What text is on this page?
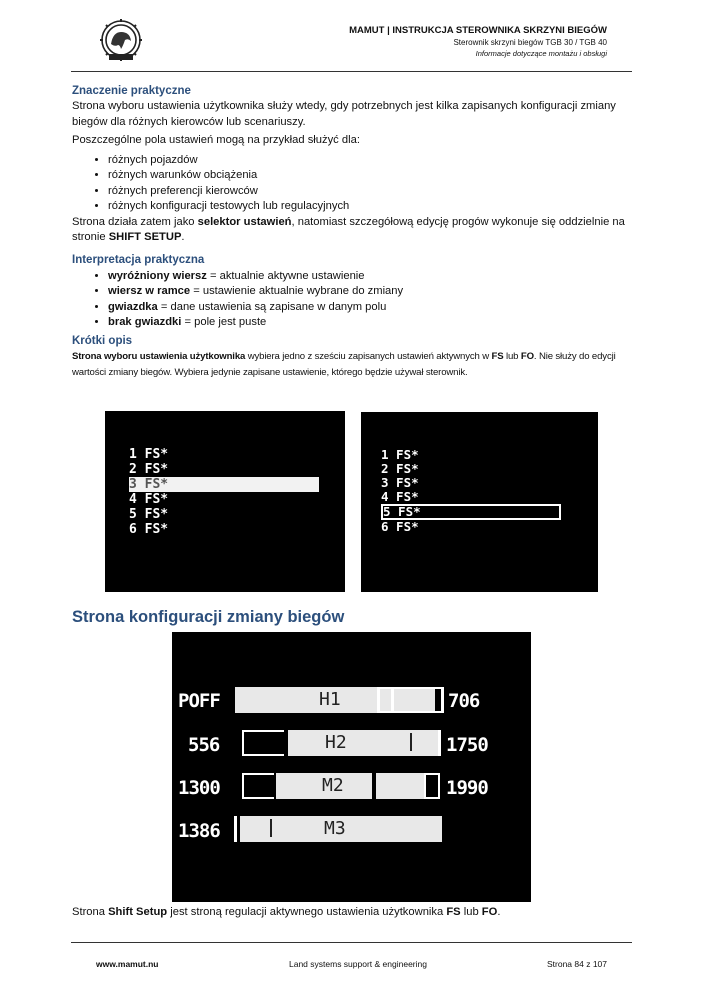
MAMUT | INSTRUKCJA STEROWNIKA SKRZYNI BIEGÓW
Sterownik skrzyni biegów TGB 30 / TGB 40
Informacje dotyczące montażu i obsługi
Znaczenie praktyczne

Strona wyboru ustawienia użytkownika służy wtedy, gdy potrzebnych jest kilka zapisanych konfiguracji zmiany biegów dla różnych kierowców lub scenariuszy.

Poszczególne pola ustawień mogą na przykład służyć dla:

• różnych pojazdów
• różnych warunków obciążenia
• różnych preferencji kierowców
• różnych konfiguracji testowych lub regulacyjnych

Strona działa zatem jako selektor ustawień, natomiast szczegółową edycję progów wykonuje się oddzielnie na stronie SHIFT SETUP.

Interpretacja praktyczna
• wyróżniony wiersz = aktualnie aktywne ustawienie
• wiersz w ramce = ustawienie aktualnie wybrane do zmiany
• gwiazdka = dane ustawienia są zapisane w danym polu
• brak gwiazdki = pole jest puste
Krótki opis

Strona wyboru ustawienia użytkownika wybiera jedno z sześciu zapisanych ustawień aktywnych w FS lub FO. Nie służy do edycji wartości zmiany biegów. Wybiera jedynie zapisane ustawienie, którego będzie używał sterownik.

1 FS*
2 FS*
3 FS*
4 FS*
5 FS*
6 FS*
1 FS*
2 FS*
3 FS*
4 FS*
5 FS*
6 FS*
Strona konfiguracji zmiany biegów
POFF	H1	706
556	H2	1750
1300	M2	1990
1386	M3
Strona Shift Setup jest stroną regulacji aktywnego ustawienia użytkownika FS lub FO.
www.mamut.nu	Land systems support & engineering	Strona 84 z 107
